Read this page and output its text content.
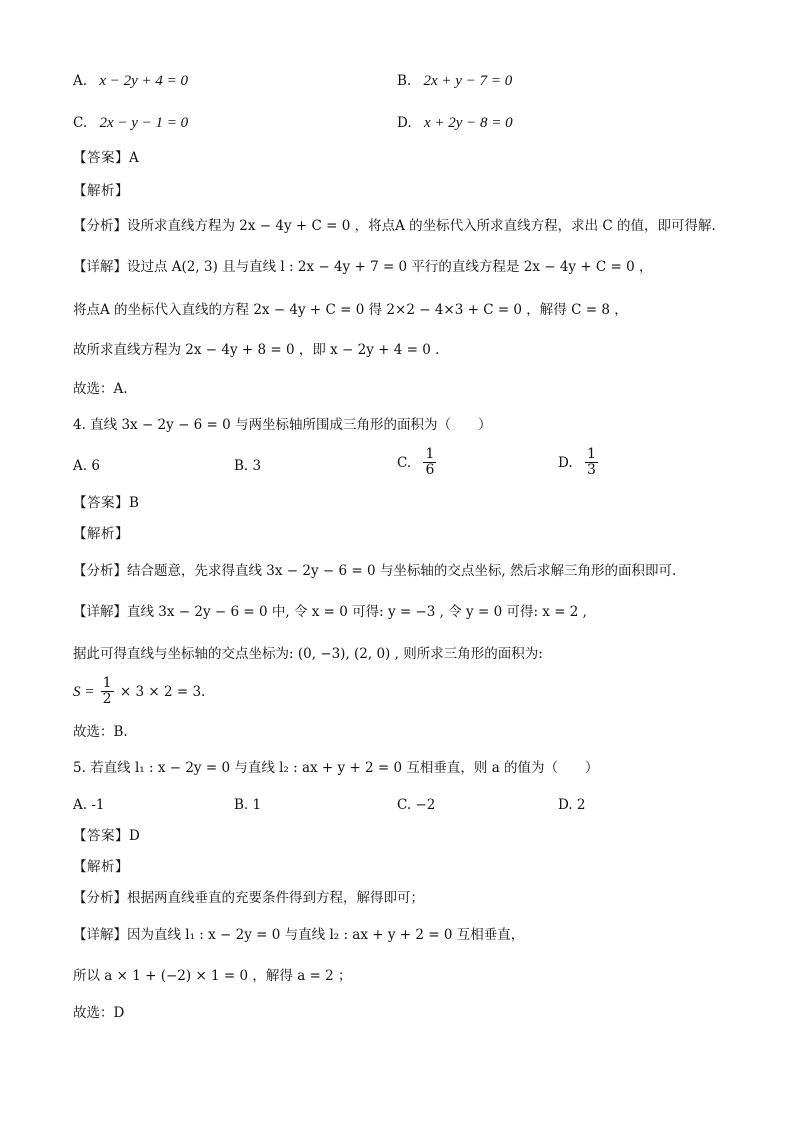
A. x − 2y + 4 = 0	B. 2x + y − 7 = 0
C. 2x − y − 1 = 0	D. x + 2y − 8 = 0
【答案】A
【解析】
【分析】设所求直线方程为 2x − 4y + C = 0 ，将点A 的坐标代入所求直线方程，求出 C 的值，即可得解.
【详解】设过点 A(2, 3) 且与直线 l : 2x − 4y + 7 = 0 平行的直线方程是 2x − 4y + C = 0 ，
将点A 的坐标代入直线的方程 2x − 4y + C = 0 得 2×2 − 4×3 + C = 0 ，解得 C = 8 ，
故所求直线方程为 2x − 4y + 8 = 0 ，即 x − 2y + 4 = 0 .
故选：A.
4. 直线 3x − 2y − 6 = 0 与两坐标轴所围成三角形的面积为（　　）
A. 6	B. 3	C. $\frac{1}{6}$	D. $\frac{1}{3}$
【答案】B
【解析】
【分析】结合题意，先求得直线 3x − 2y − 6 = 0 与坐标轴的交点坐标, 然后求解三角形的面积即可.
【详解】直线 3x − 2y − 6 = 0 中, 令 x = 0 可得: y = −3 , 令 y = 0 可得: x = 2 ,
据此可得直线与坐标轴的交点坐标为: (0, −3), (2, 0) , 则所求三角形的面积为:
$S = \frac{1}{2} \times 3 \times 2 = 3$.
故选：B.
5. 若直线 l₁ : x − 2y = 0 与直线 l₂ : ax + y + 2 = 0 互相垂直，则 a 的值为（　　）
A. -1	B. 1	C. −2	D. 2
【答案】D
【解析】
【分析】根据两直线垂直的充要条件得到方程，解得即可；
【详解】因为直线 l₁ : x − 2y = 0 与直线 l₂ : ax + y + 2 = 0 互相垂直，
所以 a × 1 + (−2) × 1 = 0 ，解得 a = 2 ；
故选：D
